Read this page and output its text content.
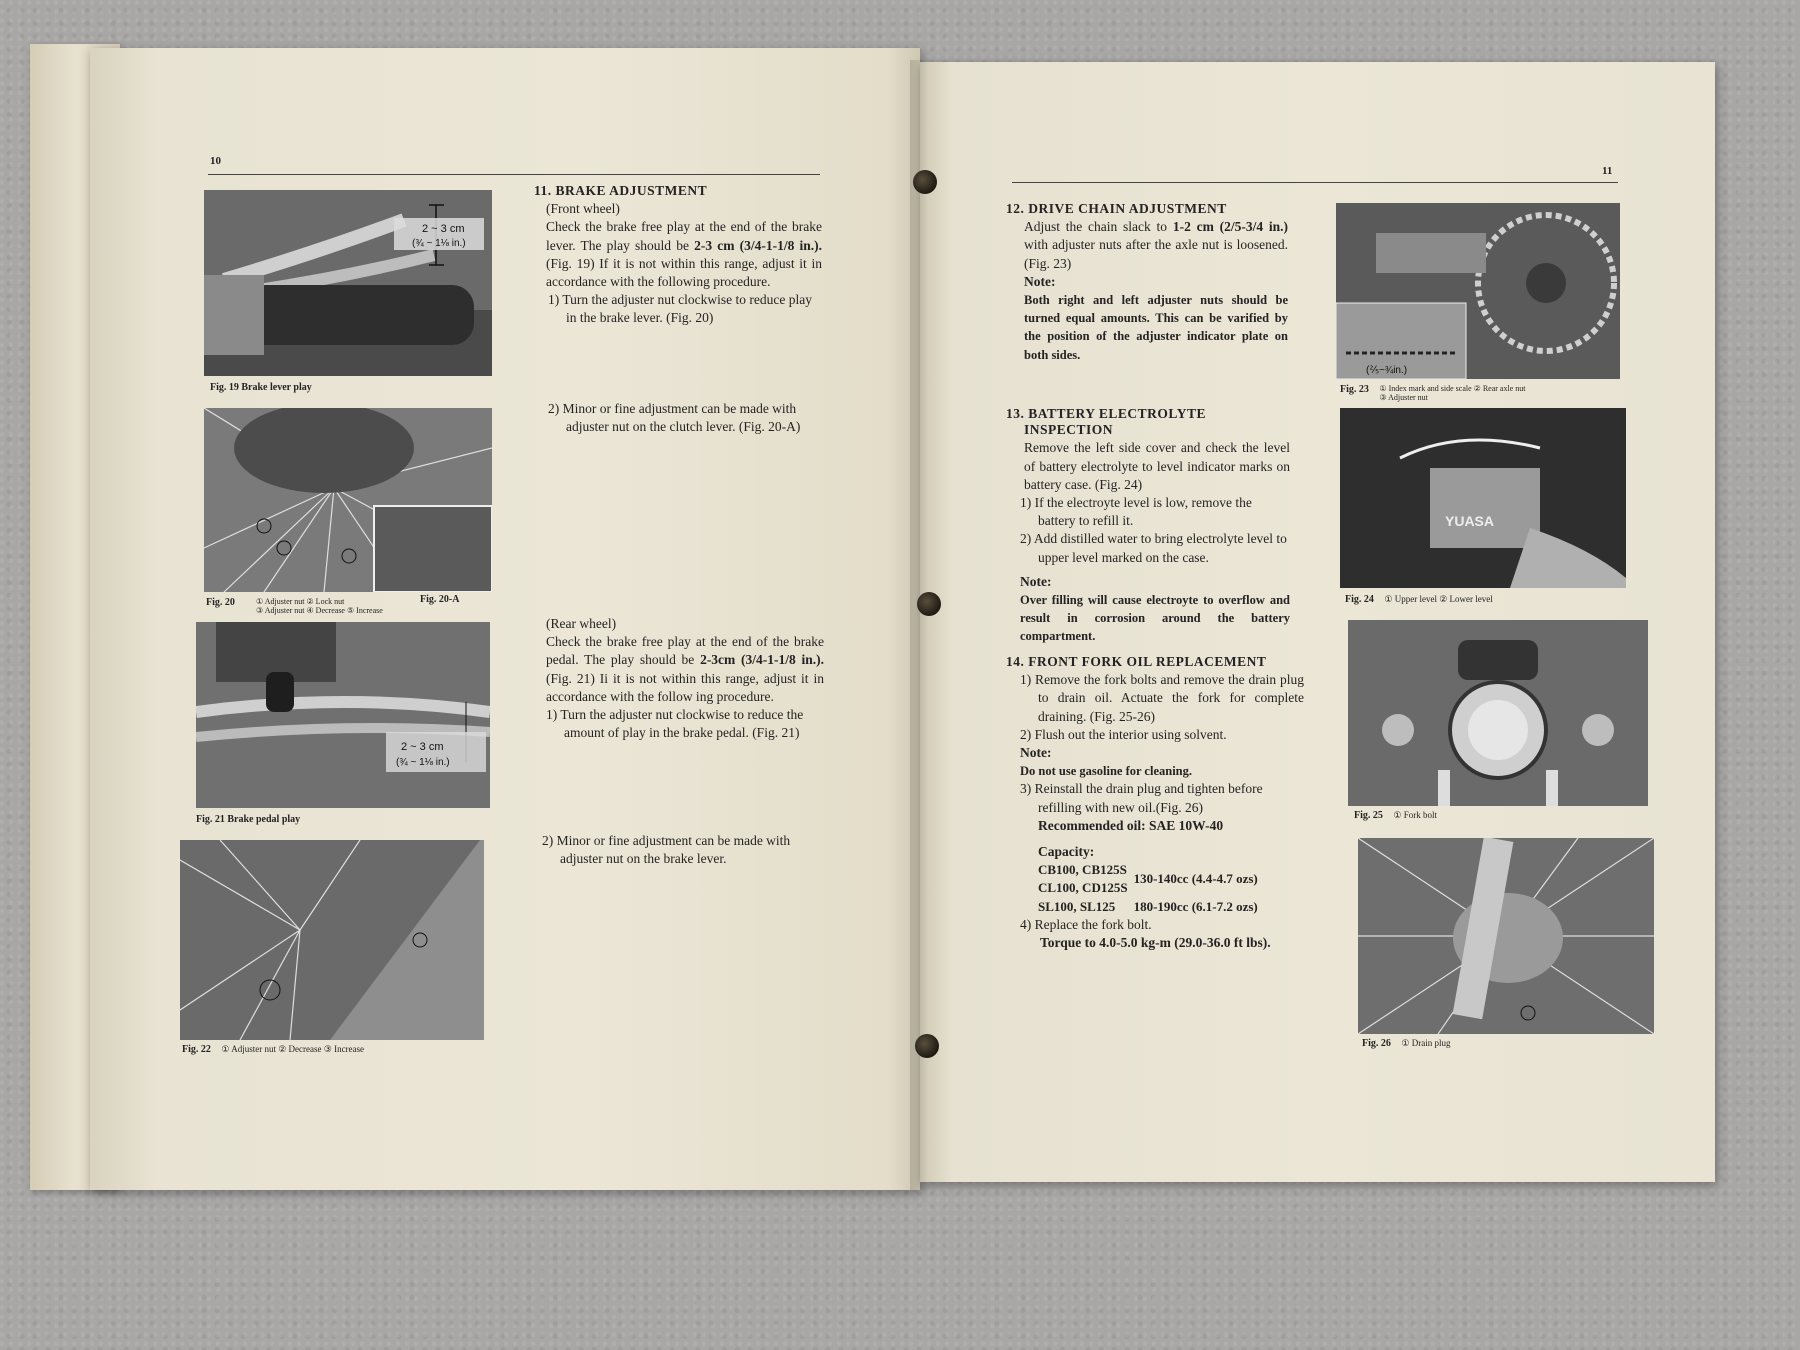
10
2 ~ 3 cm
(¾ ~ 1⅛ in.)
Fig. 19 Brake lever play
Fig. 20	① Adjuster nut ② Lock nut
③ Adjuster nut ④ Decrease ⑤ Increase
Fig. 20-A
2 ~ 3 cm
(¾ ~ 1⅛ in.)
Fig. 21 Brake pedal play
Fig. 22 ① Adjuster nut ② Decrease ③ Increase

11. BRAKE ADJUSTMENT

(Front wheel)

Check the brake free play at the end of the brake lever. The play should be 2-3 cm (3/4-1-1/8 in.). (Fig. 19) If it is not within this range, adjust it in accordance with the following procedure.

1) Turn the adjuster nut clockwise to reduce play in the brake lever. (Fig. 20)

2) Minor or fine adjustment can be made with adjuster nut on the clutch lever. (Fig. 20-A)

(Rear wheel)

Check the brake free play at the end of the brake pedal. The play should be 2-3cm (3/4-1-1/8 in.). (Fig. 21) Ii it is not within this range, adjust it in accordance with the follow ing procedure.

1) Turn the adjuster nut clockwise to reduce the amount of play in the brake pedal. (Fig. 21)

2) Minor or fine adjustment can be made with adjuster nut on the brake lever.

11

12. DRIVE CHAIN ADJUSTMENT

Adjust the chain slack to 1-2 cm (2/5-3/4 in.) with adjuster nuts after the axle nut is loosened. (Fig. 23)

Note:

Both right and left adjuster nuts should be turned equal amounts. This can be varified by the position of the adjuster indicator plate on both sides.

(⅖~¾in.)
Fig. 23 ① Index mark and side scale ② Rear axle nut
③ Adjuster nut

13. BATTERY ELECTROLYTE

INSPECTION

Remove the left side cover and check the level of battery electrolyte to level indicator marks on battery case. (Fig. 24)

1) If the electroyte level is low, remove the battery to refill it.

2) Add distilled water to bring electrolyte level to upper level marked on the case.

Note:

Over filling will cause electroyte to overflow and result in corrosion around the battery compartment.

YUASA
Fig. 24 ① Upper level ② Lower level

14. FRONT FORK OIL REPLACEMENT

1) Remove the fork bolts and remove the drain plug to drain oil. Actuate the fork for complete draining. (Fig. 25-26)

2) Flush out the interior using solvent.

Note:

Do not use gasoline for cleaning.

3) Reinstall the drain plug and tighten before refilling with new oil.(Fig. 26)

Recommended oil: SAE 10W-40

Capacity:

CB100, CB125S	130-140cc (4.4-4.7 ozs)
CL100, CD125S	
SL100, SL125	180-190cc (6.1-7.2 ozs)

4) Replace the fork bolt.

Torque to 4.0-5.0 kg-m (29.0-36.0 ft lbs).

Fig. 25 ① Fork bolt
Fig. 26 ① Drain plug
